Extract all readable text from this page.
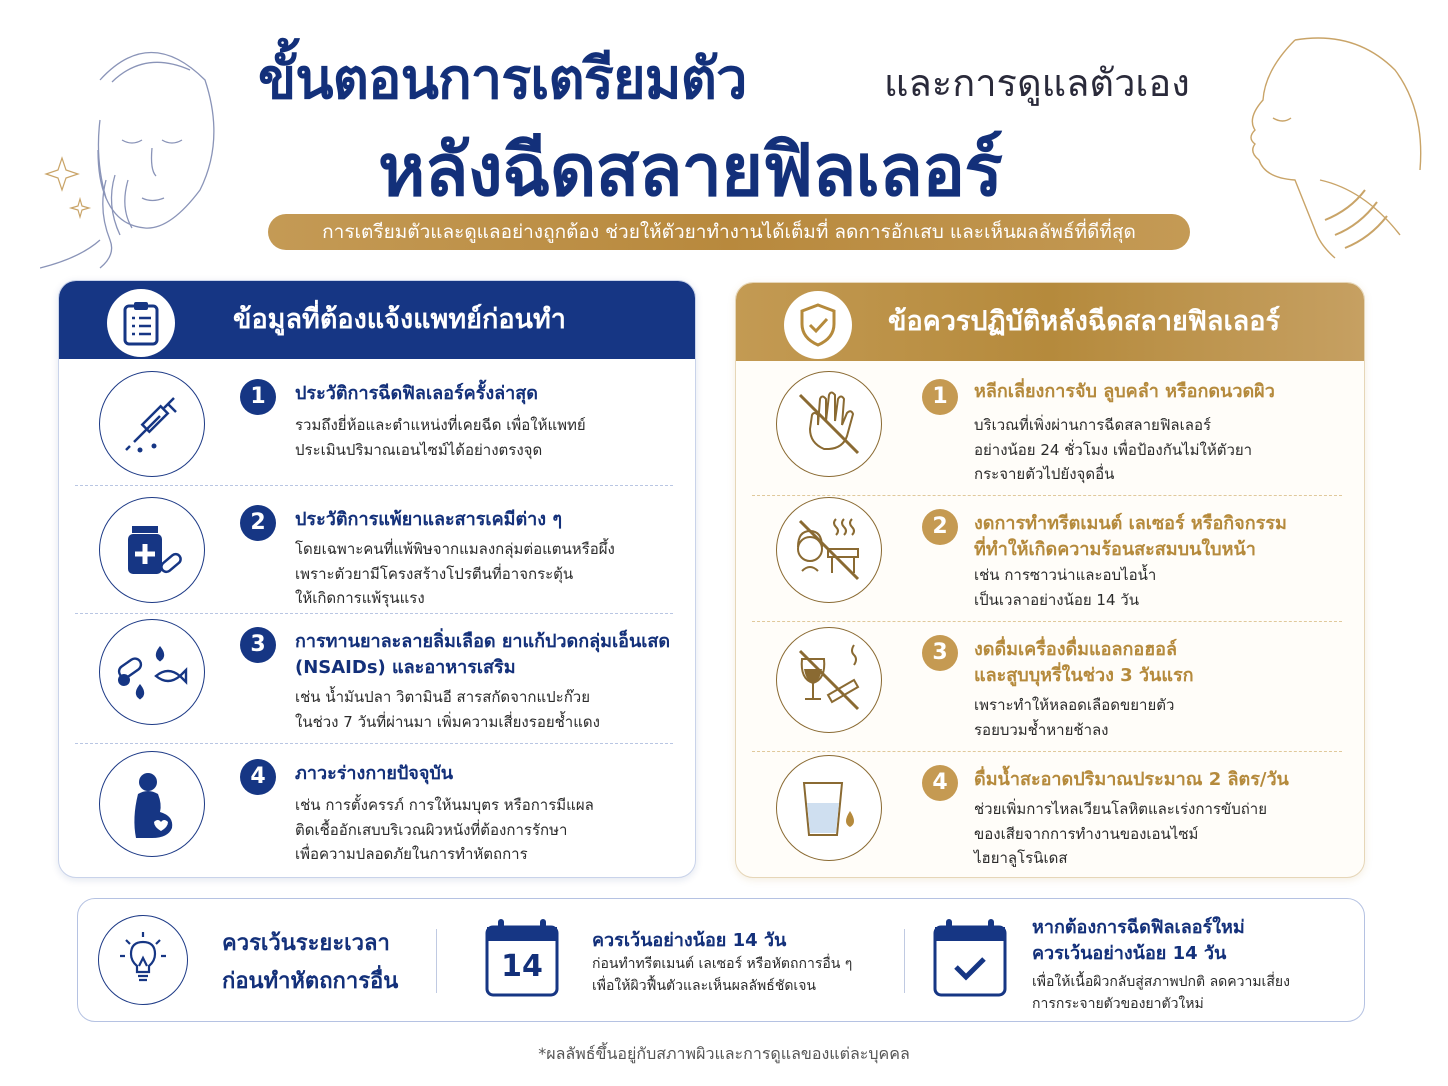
ขั้นตอนการเตรียมตัว	และการดูแลตัวเอง
หลังฉีดสลายฟิลเลอร์
การเตรียมตัวและดูแลอย่างถูกต้อง ช่วยให้ตัวยาทำงานได้เต็มที่ ลดการอักเสบ และเห็นผลลัพธ์ที่ดีที่สุด
ข้อมูลที่ต้องแจ้งแพทย์ก่อนทำ
1	ประวัติการฉีดฟิลเลอร์ครั้งล่าสุด
รวมถึงยี่ห้อและตำแหน่งที่เคยฉีด เพื่อให้แพทย์
ประเมินปริมาณเอนไซม์ได้อย่างตรงจุด
2	ประวัติการแพ้ยาและสารเคมีต่าง ๆ
โดยเฉพาะคนที่แพ้พิษจากแมลงกลุ่มต่อแตนหรือผึ้ง
เพราะตัวยามีโครงสร้างโปรตีนที่อาจกระตุ้น
ให้เกิดการแพ้รุนแรง
3	การทานยาละลายลิ่มเลือด ยาแก้ปวดกลุ่มเอ็นเสด
(NSAIDs) และอาหารเสริม
เช่น น้ำมันปลา วิตามินอี สารสกัดจากแปะก๊วย
ในช่วง 7 วันที่ผ่านมา เพิ่มความเสี่ยงรอยช้ำแดง
4	ภาวะร่างกายปัจจุบัน
เช่น การตั้งครรภ์ การให้นมบุตร หรือการมีแผล
ติดเชื้ออักเสบบริเวณผิวหนังที่ต้องการรักษา
เพื่อความปลอดภัยในการทำหัตถการ
ข้อควรปฏิบัติหลังฉีดสลายฟิลเลอร์
1	หลีกเลี่ยงการจับ ลูบคลำ หรือกดนวดผิว
บริเวณที่เพิ่งผ่านการฉีดสลายฟิลเลอร์
อย่างน้อย 24 ชั่วโมง เพื่อป้องกันไม่ให้ตัวยา
กระจายตัวไปยังจุดอื่น
2	งดการทำทรีตเมนต์ เลเซอร์ หรือกิจกรรม
ที่ทำให้เกิดความร้อนสะสมบนใบหน้า
เช่น การซาวน่าและอบไอน้ำ
เป็นเวลาอย่างน้อย 14 วัน
3	งดดื่มเครื่องดื่มแอลกอฮอล์
และสูบบุหรี่ในช่วง 3 วันแรก
เพราะทำให้หลอดเลือดขยายตัว
รอยบวมช้ำหายช้าลง
4	ดื่มน้ำสะอาดปริมาณประมาณ 2 ลิตร/วัน
ช่วยเพิ่มการไหลเวียนโลหิตและเร่งการขับถ่าย
ของเสียจากการทำงานของเอนไซม์
ไฮยาลูโรนิเดส
ควรเว้นระยะเวลา
ก่อนทำหัตถการอื่น	14
ควรเว้นอย่างน้อย 14 วัน
ก่อนทำทรีตเมนต์ เลเซอร์ หรือหัตถการอื่น ๆ
เพื่อให้ผิวฟื้นตัวและเห็นผลลัพธ์ชัดเจน
หากต้องการฉีดฟิลเลอร์ใหม่
ควรเว้นอย่างน้อย 14 วัน
เพื่อให้เนื้อผิวกลับสู่สภาพปกติ ลดความเสี่ยง
การกระจายตัวของยาตัวใหม่
*ผลลัพธ์ขึ้นอยู่กับสภาพผิวและการดูแลของแต่ละบุคคล
